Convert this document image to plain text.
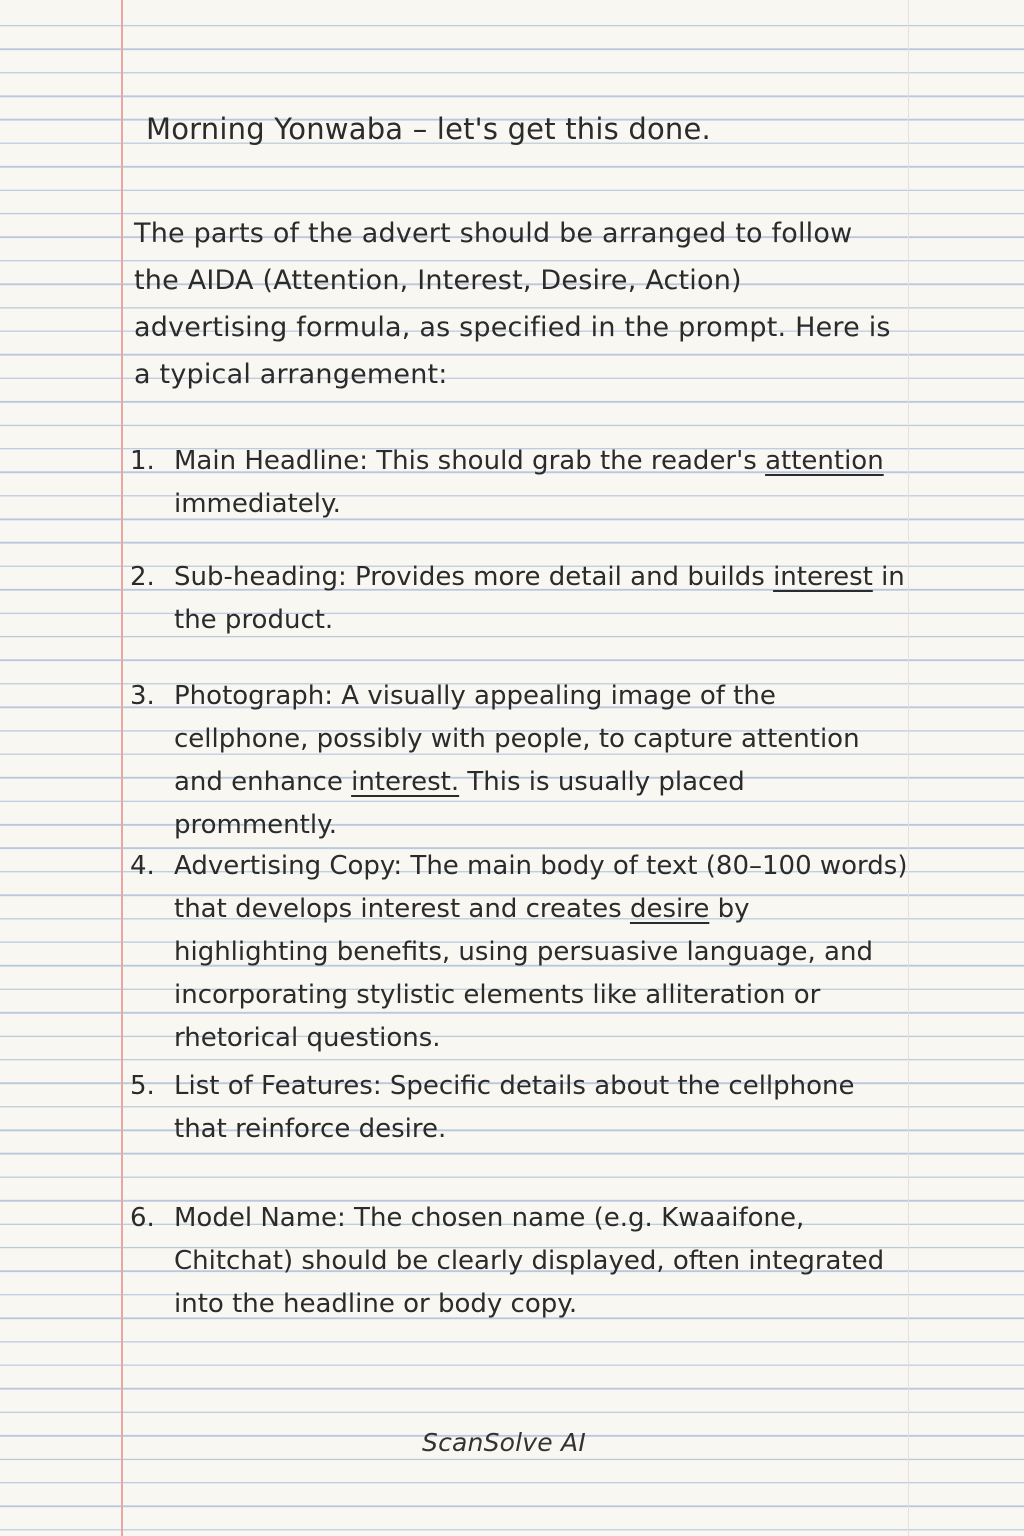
Morning Yonwaba – let's get this done.
The parts of the advert should be arranged to follow the AIDA (Attention, Interest, Desire, Action) advertising formula, as specified in the prompt. Here is a typical arrangement:
1. Main Headline: This should grab the reader's attention immediately.
2. Sub-heading: Provides more detail and builds interest in the product.
3. Photograph: A visually appealing image of the cellphone, possibly with people, to capture attention and enhance interest. This is usually placed prommently.
4. Advertising Copy: The main body of text (80–100 words) that develops interest and creates desire by highlighting benefits, using persuasive language, and incorporating stylistic elements like alliteration or rhetorical questions.
5. List of Features: Specific details about the cellphone that reinforce desire.
6. Model Name: The chosen name (e.g. Kwaaifone, Chitchat) should be clearly displayed, often integrated into the headline or body copy.
ScanSolve AI
